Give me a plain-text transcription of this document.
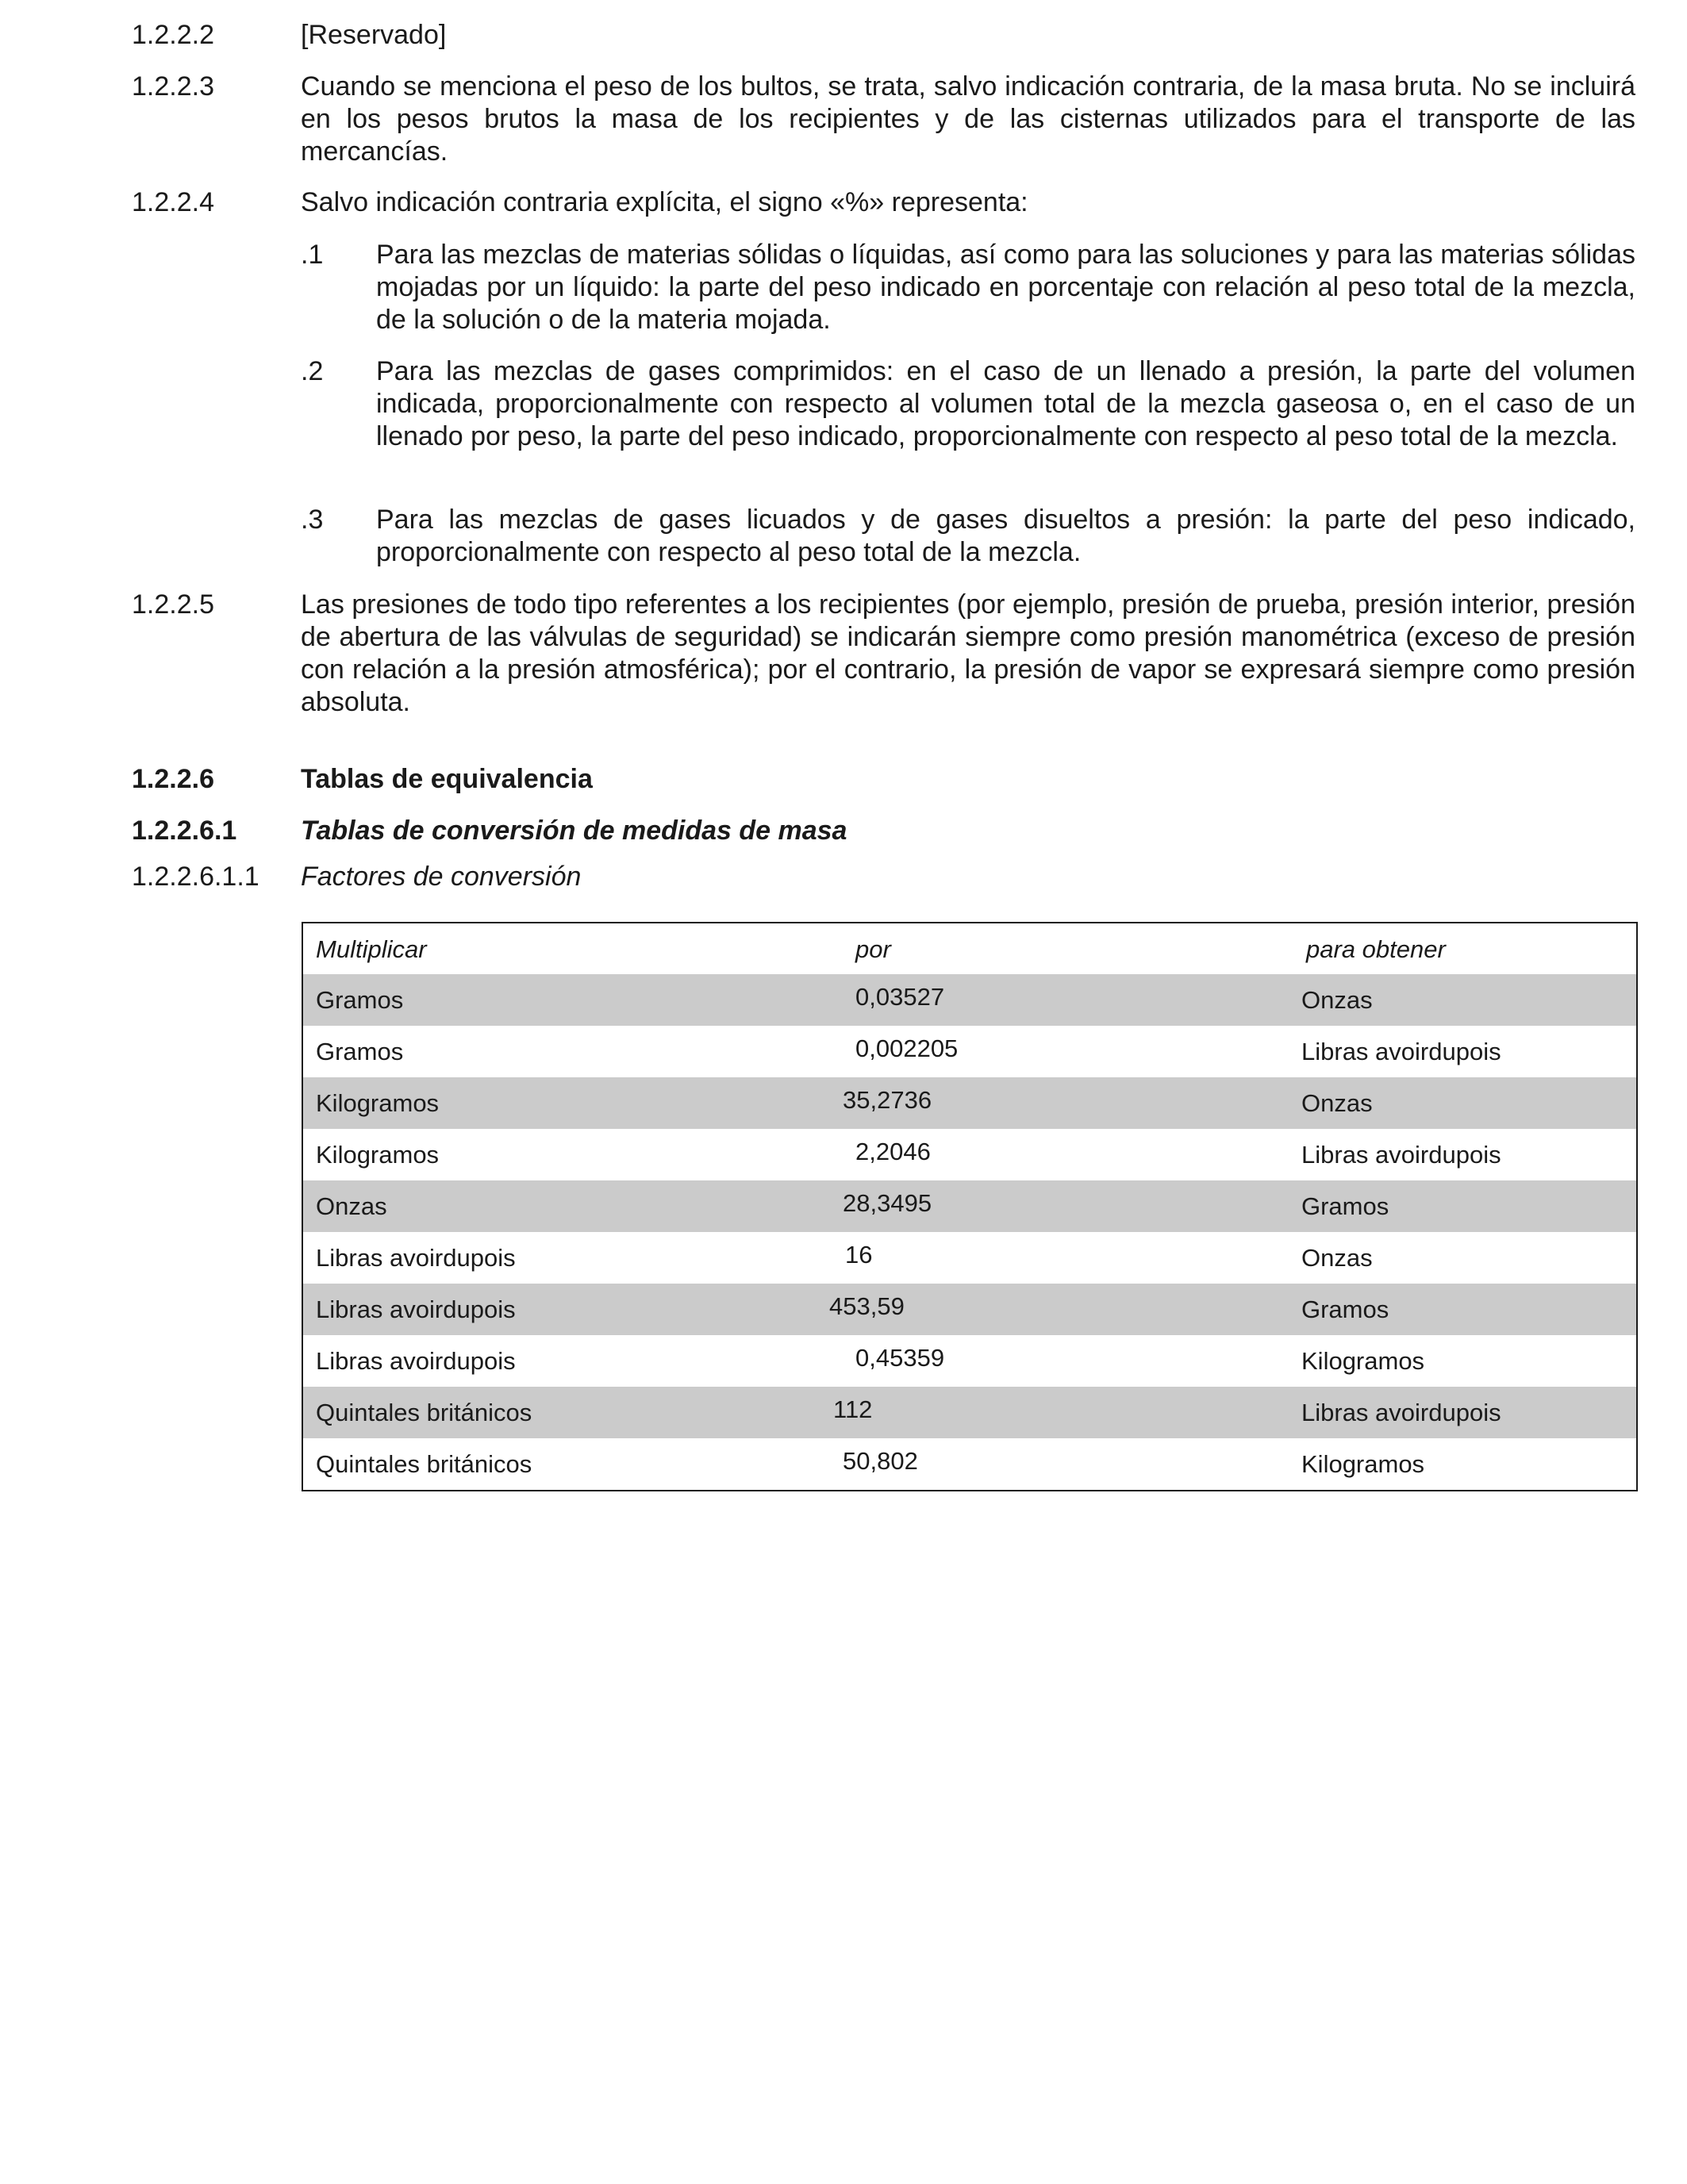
1.2.2.2	[Reservado]
1.2.2.3	Cuando se menciona el peso de los bultos, se trata, salvo indicación contraria, de la masa bruta. No se incluirá en los pesos brutos la masa de los recipientes y de las cisternas utilizados para el transporte de las mercancías.
1.2.2.4	Salvo indicación contraria explícita, el signo «%» representa:
.1 Para las mezclas de materias sólidas o líquidas, así como para las soluciones y para las materias sólidas mojadas por un líquido: la parte del peso indicado en porcentaje con relación al peso total de la mezcla, de la solución o de la materia mojada.
.2 Para las mezclas de gases comprimidos: en el caso de un llenado a presión, la parte del volumen indicada, proporcionalmente con respecto al volumen total de la mezcla gaseosa o, en el caso de un llenado por peso, la parte del peso indicado, proporcionalmente con respecto al peso total de la mezcla.
.3 Para las mezclas de gases licuados y de gases disueltos a presión: la parte del peso indicado, proporcionalmente con respecto al peso total de la mezcla.
1.2.2.5	Las presiones de todo tipo referentes a los recipientes (por ejemplo, presión de prueba, presión interior, presión de abertura de las válvulas de seguridad) se indicarán siempre como presión manométrica (exceso de presión con relación a la presión atmosférica); por el contrario, la presión de vapor se expresará siempre como presión absoluta.
1.2.2.6	Tablas de equivalencia
1.2.2.6.1	Tablas de conversión de medidas de masa
1.2.2.6.1.1	Factores de conversión
Multiplicar	por	para obtener
Gramos	0,03527	Onzas
Gramos	0,002205	Libras avoirdupois
Kilogramos	35,2736	Onzas
Kilogramos	2,2046	Libras avoirdupois
Onzas	28,3495	Gramos
Libras avoirdupois	16	Onzas
Libras avoirdupois	453,59	Gramos
Libras avoirdupois	0,45359	Kilogramos
Quintales británicos	112	Libras avoirdupois
Quintales británicos	50,802	Kilogramos
